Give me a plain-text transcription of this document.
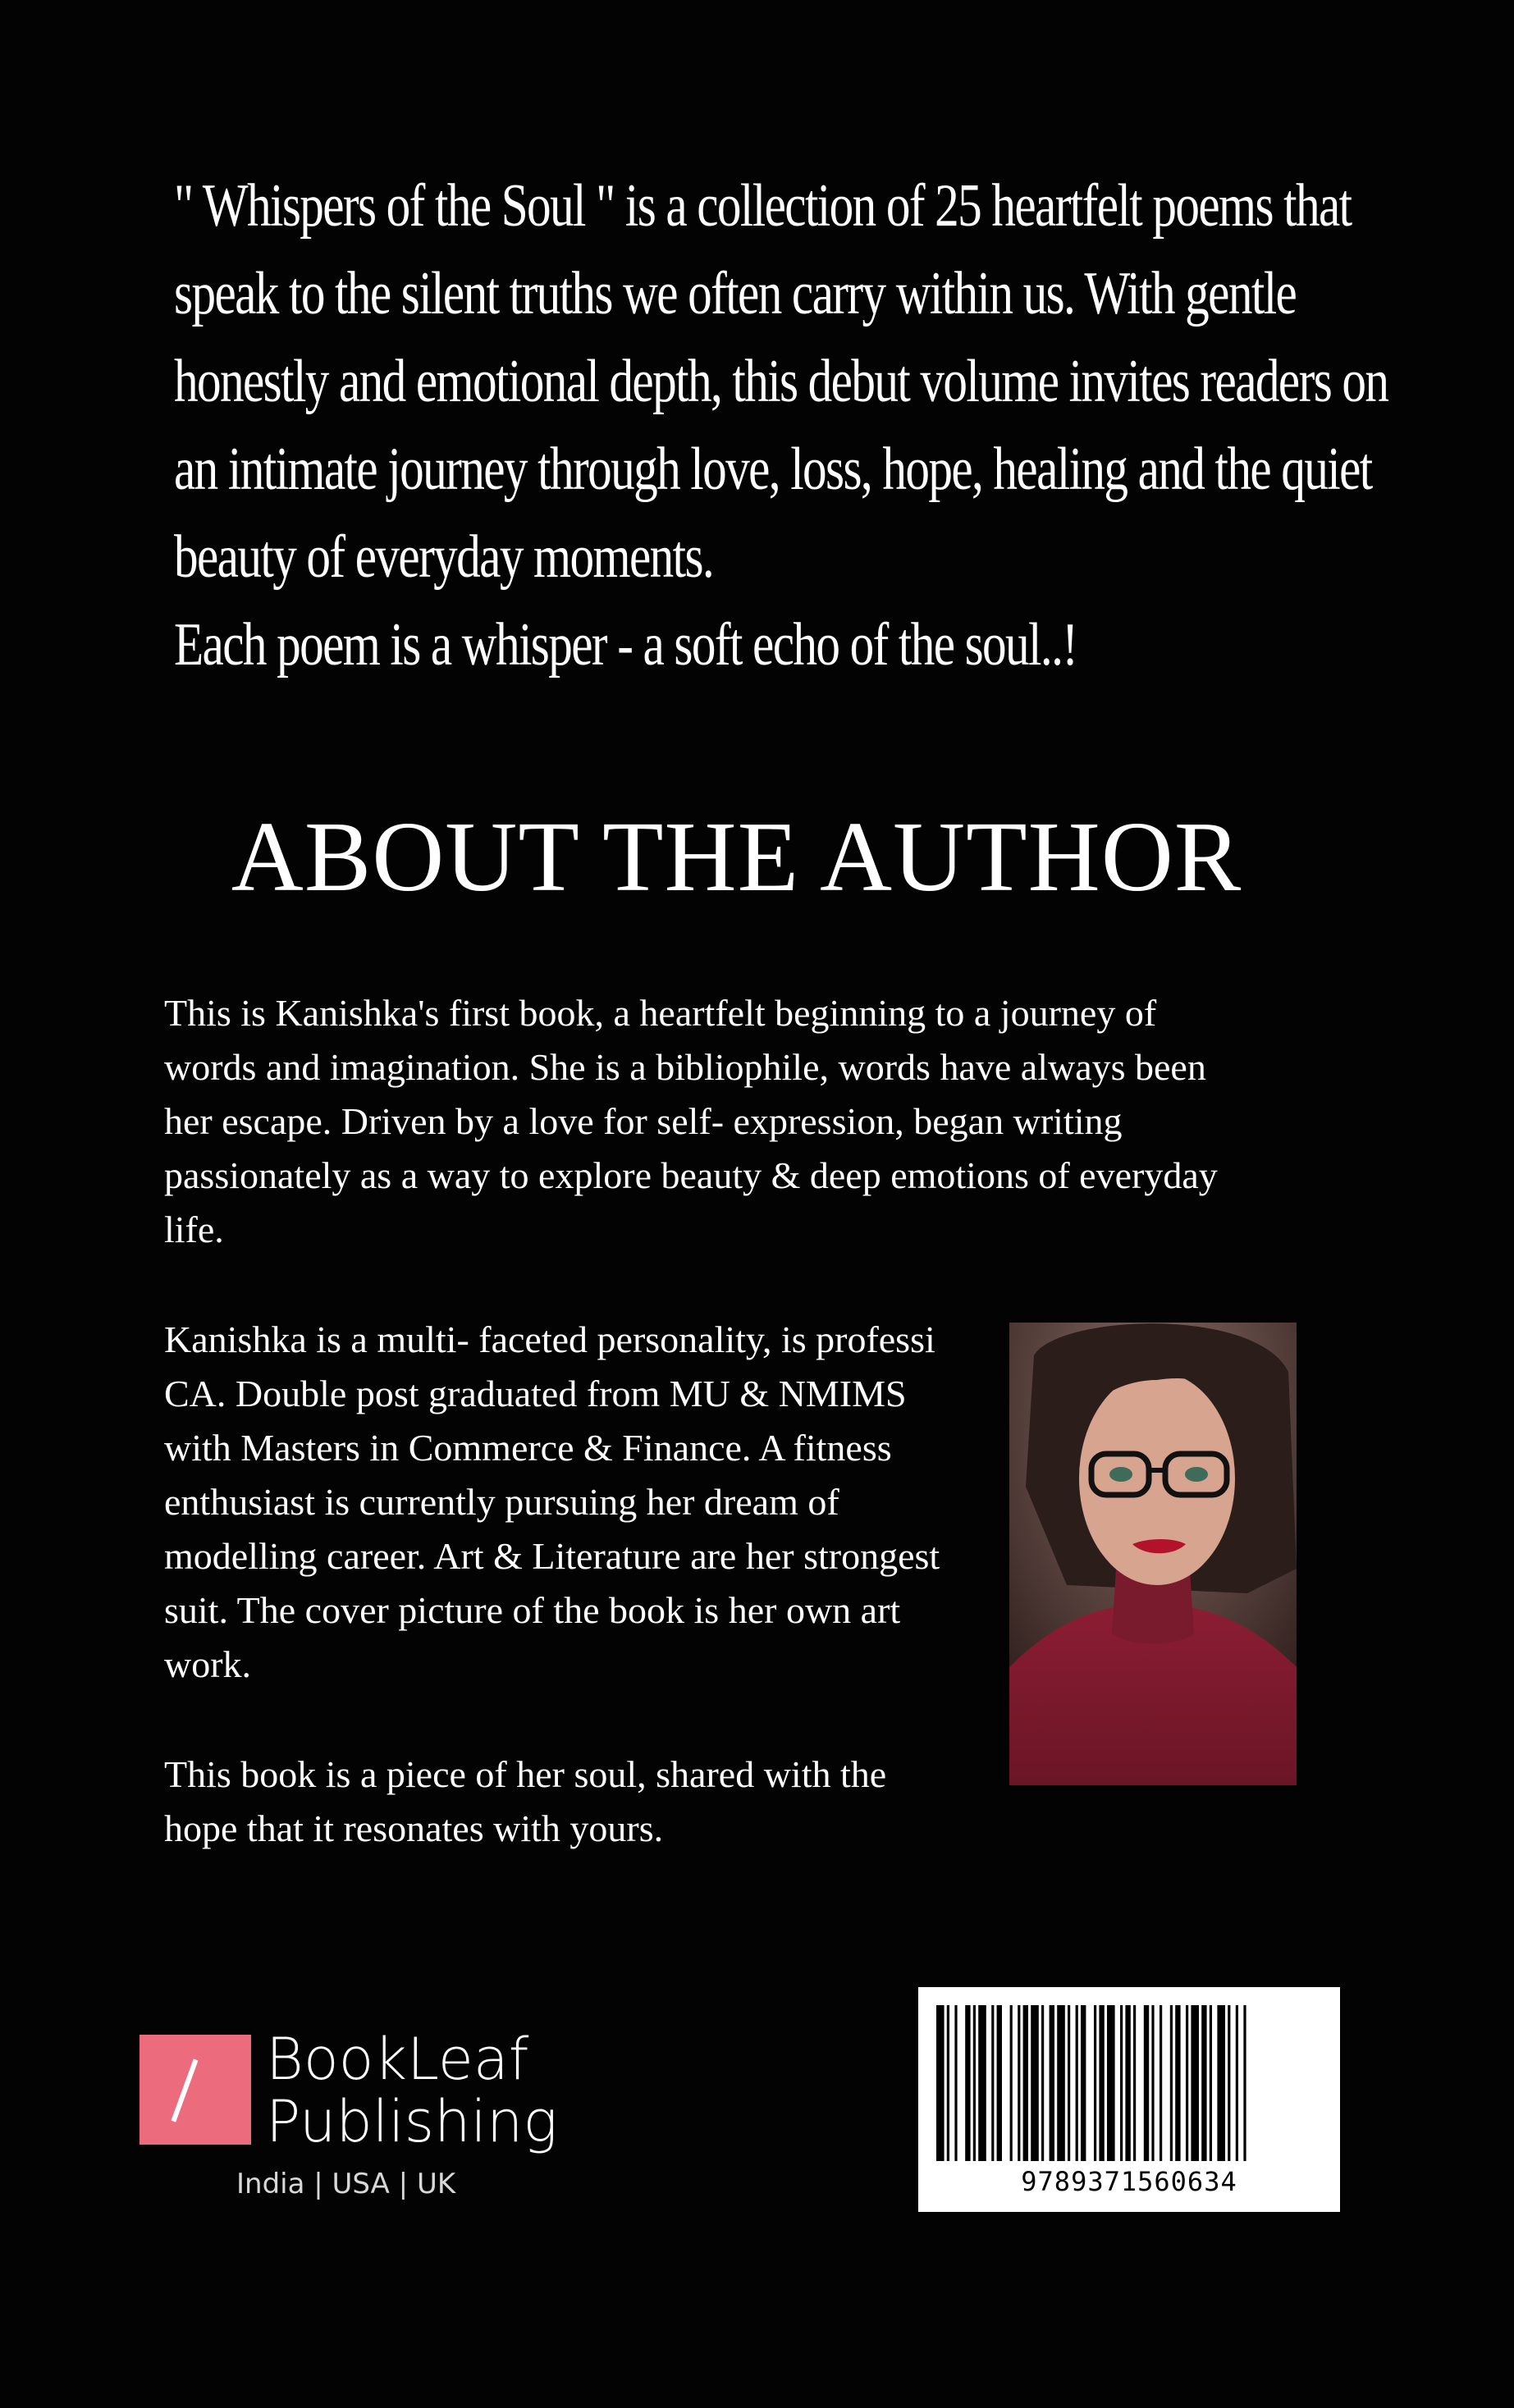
" Whispers of the Soul " is a collection of 25 heartfelt poems that
speak to the silent truths we often carry within us. With gentle
honestly and emotional depth, this debut volume invites readers on
an intimate journey through love, loss, hope, healing and the quiet
beauty of everyday moments.
Each poem is a whisper - a soft echo of the soul..!
ABOUT THE AUTHOR
This is Kanishka's first book, a heartfelt beginning to a journey of
words and imagination. She is a bibliophile, words have always been
her escape. Driven by a love for self- expression, began writing
passionately as a way to explore beauty & deep emotions of everyday
life.
Kanishka is a multi- faceted personality, is professi
CA. Double post graduated from MU & NMIMS
with Masters in Commerce & Finance. A fitness
enthusiast is currently pursuing her dream of
modelling career. Art & Literature are her strongest
suit. The cover picture of the book is her own art
work.
This book is a piece of her soul, shared with the
hope that it resonates with yours.
BookLeaf
Publishing
India | USA | UK	9789371560634
